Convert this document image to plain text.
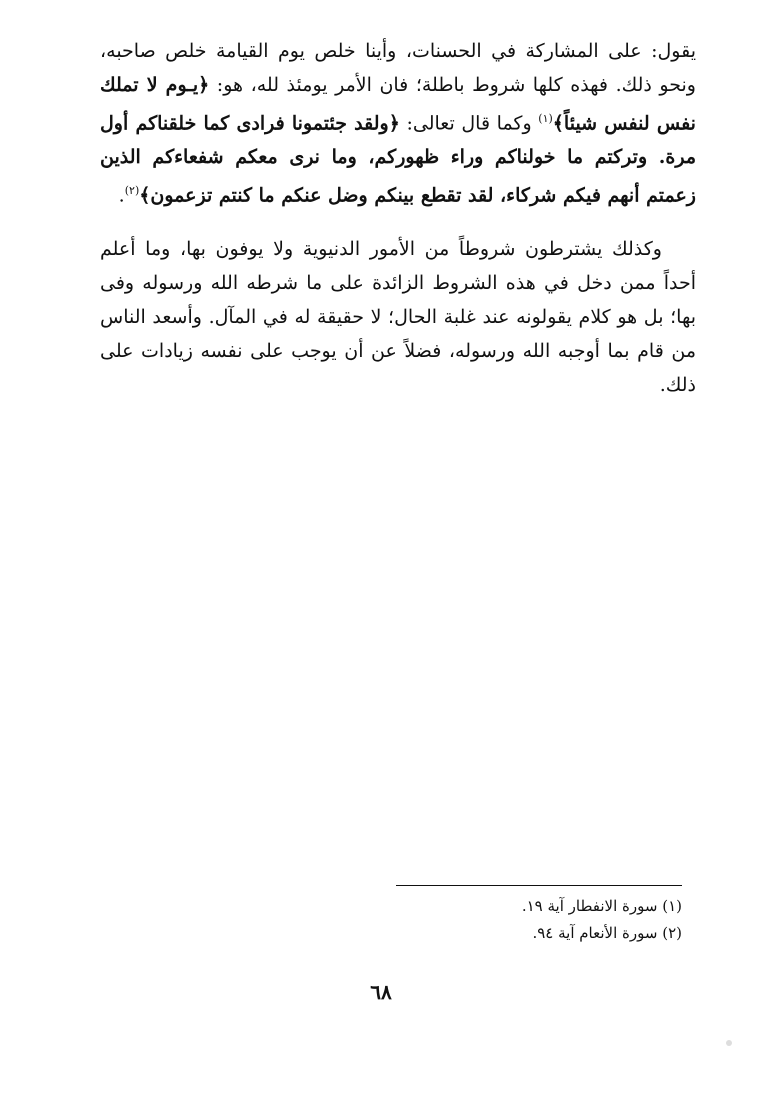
يقول: على المشاركة في الحسنات، وأينا خلص يوم القيامة خلص صاحبه، ونحو ذلك. فهذه كلها شروط باطلة؛ فان الأمر يومئذ لله، هو: ﴿يـوم لا تملك نفس لنفس شيئاً﴾$^{(١)}$ وكما قال تعالى: ﴿ولقد جئتمونا فرادى كما خلقناكم أول مرة. وتركتم ما خولناكم وراء ظهوركم، وما نرى معكم شفعاءكم الذين زعمتم أنهم فيكم شركاء، لقد تقطع بينكم وضل عنكم ما كنتم تزعمون﴾$^{(٢)}$.
وكذلك يشترطون شروطاً من الأمور الدنيوية ولا يوفون بها، وما أعلم أحداً ممن دخل في هذه الشروط الزائدة على ما شرطه الله ورسوله وفى بها؛ بل هو كلام يقولونه عند غلبة الحال؛ لا حقيقة له في المآل. وأسعد الناس من قام بما أوجبه الله ورسوله، فضلاً عن أن يوجب على نفسه زيادات على ذلك.
(١) سورة الانفطار آية ١٩.
(٢) سورة الأنعام آية ٩٤.
٦٨
